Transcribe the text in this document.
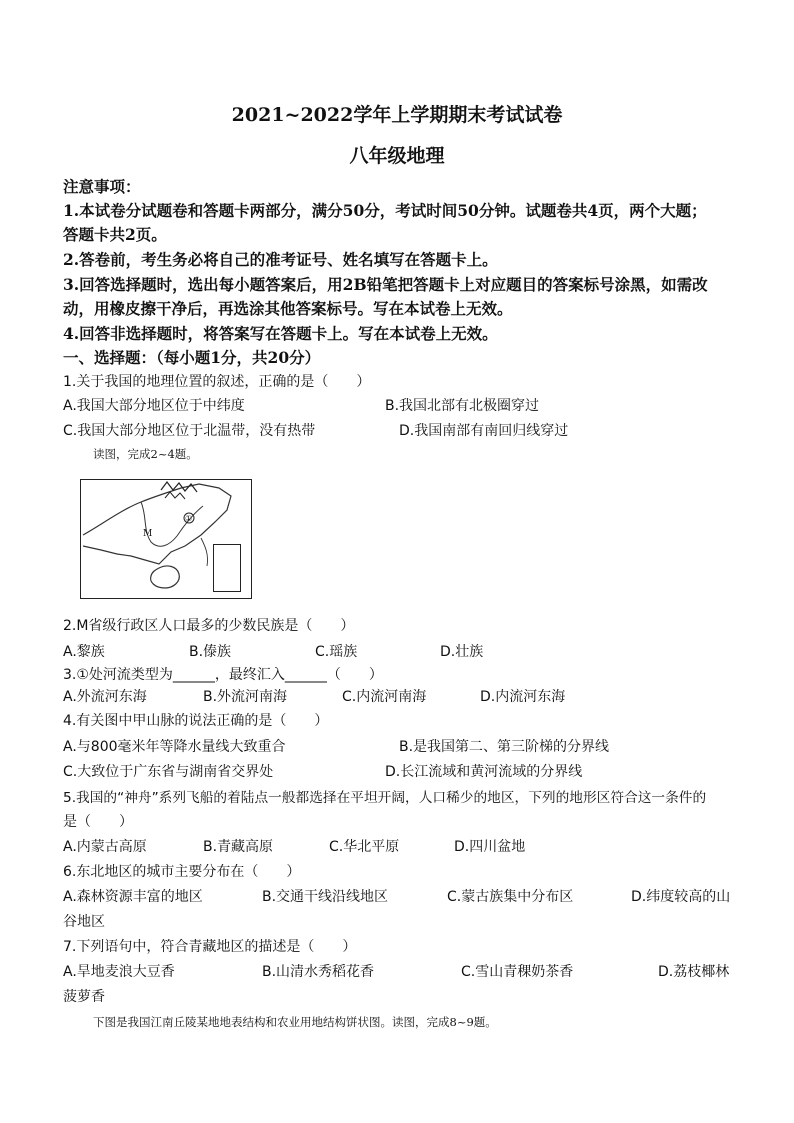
2021~2022学年上学期期末考试试卷
八年级地理
注意事项：
1.本试卷分试题卷和答题卡两部分，满分50分，考试时间50分钟。试题卷共4页，两个大题；
答题卡共2页。
2.答卷前，考生务必将自己的准考证号、姓名填写在答题卡上。
3.回答选择题时，选出每小题答案后，用2B铅笔把答题卡上对应题目的答案标号涂黑，如需改
动，用橡皮擦干净后，再选涂其他答案标号。写在本试卷上无效。
4.回答非选择题时，将答案写在答题卡上。写在本试卷上无效。
一、选择题：（每小题1分，共20分）
1.关于我国的地理位置的叙述，正确的是（　　）
A.我国大部分地区位于中纬度	B.我国北部有北极圈穿过
C.我国大部分地区位于北温带，没有热带	D.我国南部有南回归线穿过
读图，完成2~4题。
M
①
2.M省级行政区人口最多的少数民族是（　　）
A.黎族	B.傣族	C.瑶族	D.壮族
3.①处河流类型为______，最终汇入______（　　）
A.外流河东海	B.外流河南海	C.内流河南海	D.内流河东海
4.有关图中甲山脉的说法正确的是（　　）
A.与800毫米年等降水量线大致重合	B.是我国第二、第三阶梯的分界线
C.大致位于广东省与湖南省交界处	D.长江流域和黄河流域的分界线
5.我国的“神舟”系列飞船的着陆点一般都选择在平坦开阔，人口稀少的地区，下列的地形区符合这一条件的
是（　　）
A.内蒙古高原	B.青藏高原	C.华北平原	D.四川盆地
6.东北地区的城市主要分布在（　　）
A.森林资源丰富的地区	B.交通干线沿线地区	C.蒙古族集中分布区	D.纬度较高的山
谷地区
7.下列语句中，符合青藏地区的描述是（　　）
A.旱地麦浪大豆香	B.山清水秀稻花香	C.雪山青稞奶茶香	D.荔枝椰林
菠萝香
下图是我国江南丘陵某地地表结构和农业用地结构饼状图。读图，完成8~9题。
